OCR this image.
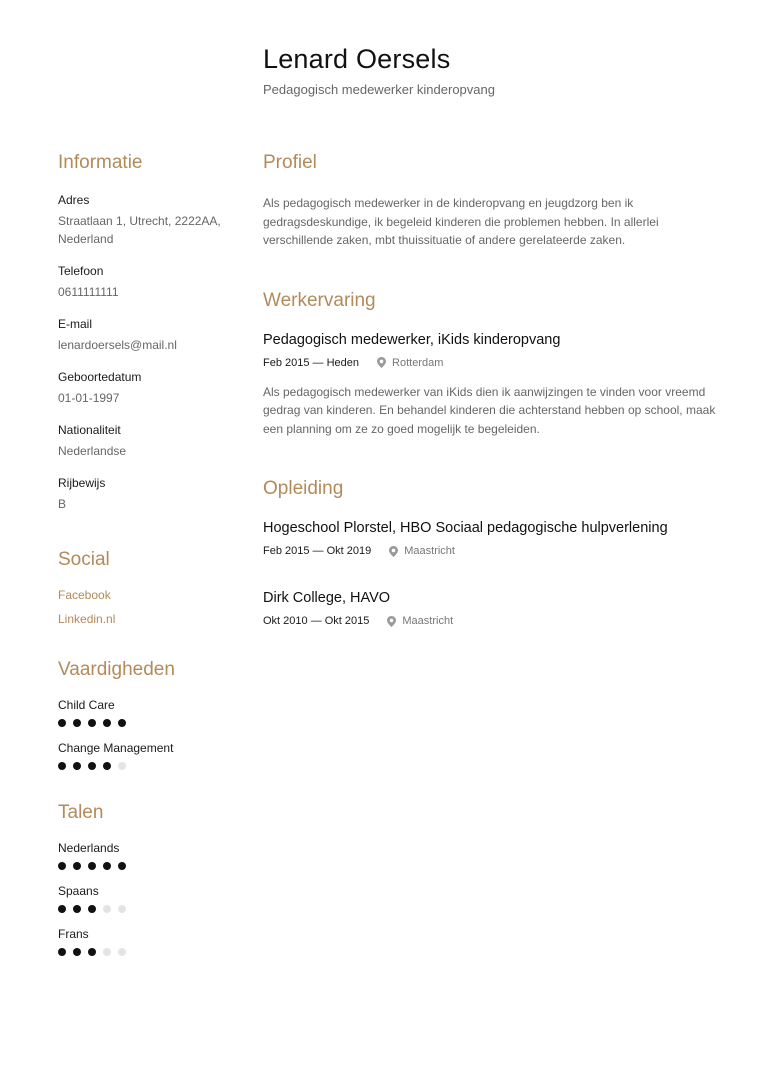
Lenard Oersels
Pedagogisch medewerker kinderopvang
Informatie
Adres
Straatlaan 1, Utrecht, 2222AA, Nederland
Telefoon
0611111111
E-mail
lenardoersels@mail.nl
Geboortedatum
01-01-1997
Nationaliteit
Nederlandse
Rijbewijs
B
Social
Facebook
Linkedin.nl
Vaardigheden
Child Care
Change Management
Talen
Nederlands
Spaans
Frans
Profiel

Als pedagogisch medewerker in de kinderopvang en jeugdzorg ben ik gedragsdeskundige, ik begeleid kinderen die problemen hebben. In allerlei verschillende zaken, mbt thuissituatie of andere gerelateerde zaken.

Werkervaring
Pedagogisch medewerker, iKids kinderopvang
Feb 2015 — Heden	Rotterdam

Als pedagogisch medewerker van iKids dien ik aanwijzingen te vinden voor vreemd gedrag van kinderen. En behandel kinderen die achterstand hebben op school, maak een planning om ze zo goed mogelijk te begeleiden.

Opleiding
Hogeschool Plorstel, HBO Sociaal pedagogische hulpverlening
Feb 2015 — Okt 2019	Maastricht
Dirk College, HAVO
Okt 2010 — Okt 2015	Maastricht
